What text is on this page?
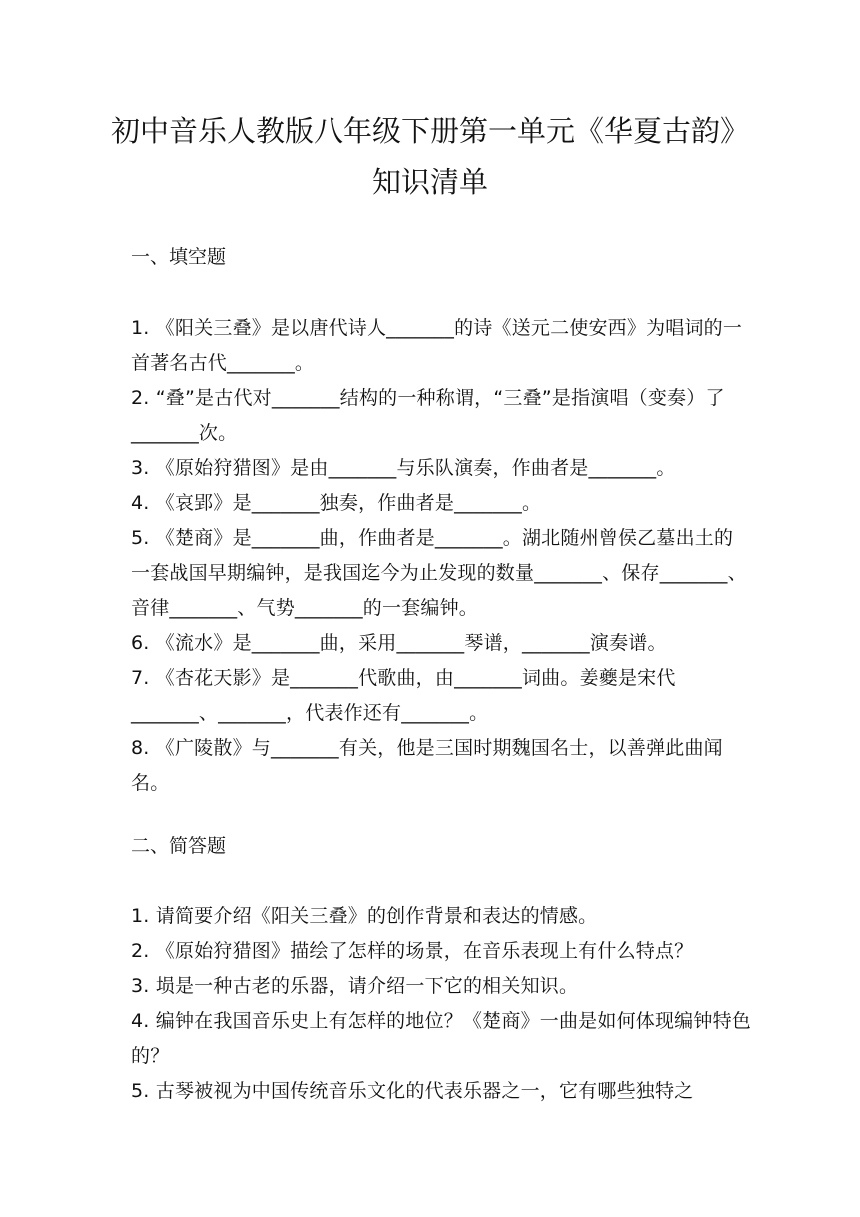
初中音乐人教版八年级下册第一单元《华夏古韵》
知识清单
一、填空题
1. 《阳关三叠》是以唐代诗人_______的诗《送元二使安西》为唱词的一首著名古代_______。
2. “叠”是古代对_______结构的一种称谓，“三叠”是指演唱（变奏）了_______次。
3. 《原始狩猎图》是由_______与乐队演奏，作曲者是_______。
4. 《哀郢》是_______独奏，作曲者是_______。
5. 《楚商》是_______曲，作曲者是_______。湖北随州曾侯乙墓出土的一套战国早期编钟，是我国迄今为止发现的数量_______、保存_______、音律_______、气势_______的一套编钟。
6. 《流水》是_______曲，采用_______琴谱，_______演奏谱。
7. 《杏花天影》是_______代歌曲，由_______词曲。姜夔是宋代_______、_______，代表作还有_______。
8. 《广陵散》与_______有关，他是三国时期魏国名士，以善弹此曲闻名。
二、简答题
1. 请简要介绍《阳关三叠》的创作背景和表达的情感。
2. 《原始狩猎图》描绘了怎样的场景，在音乐表现上有什么特点？
3. 埙是一种古老的乐器，请介绍一下它的相关知识。
4. 编钟在我国音乐史上有怎样的地位？《楚商》一曲是如何体现编钟特色的？
5. 古琴被视为中国传统音乐文化的代表乐器之一，它有哪些独特之
